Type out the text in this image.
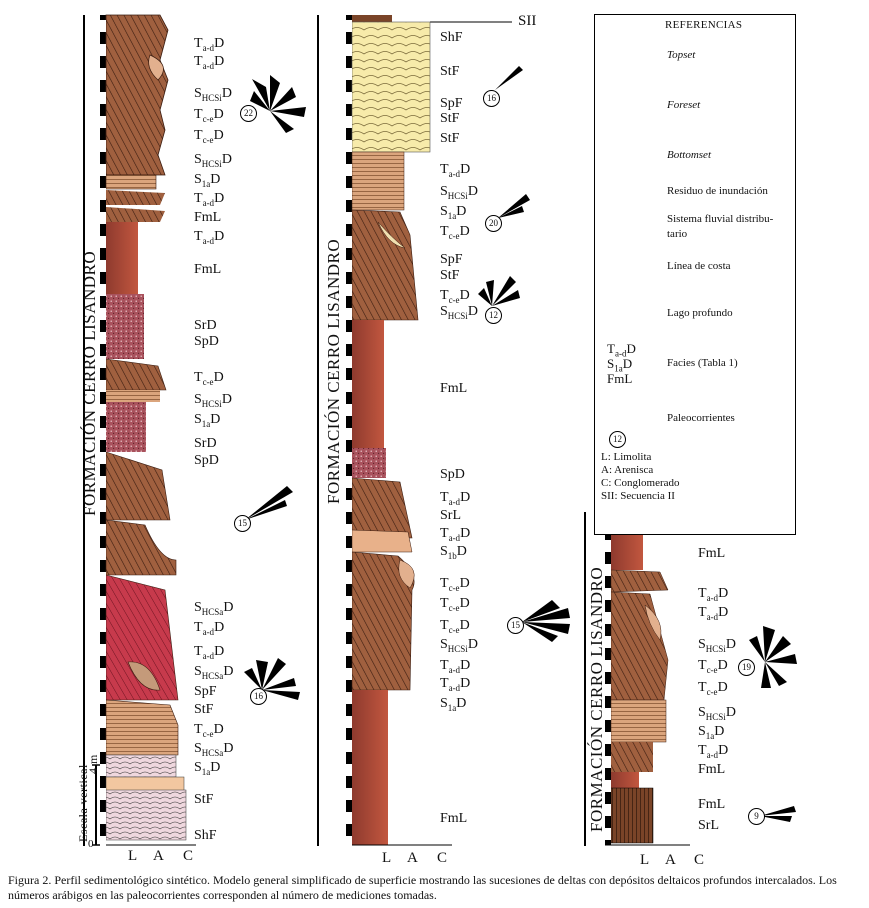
FORMACIÓN CERRO LISANDRO	FORMACIÓN CERRO LISANDRO
FORMACIÓN CERRO LISANDRO
Escala vertical
4 m
0
L A C	L A C	L A C
SII
$T_{a-d}D$
$T_{a-d}D$
$S_{HCSi}D$
$T_{c-e}D$
$T_{c-e}D$
$S_{HCSi}D$
$S_{1a}D$
$T_{a-d}D$
FmL
$T_{a-d}D$
FmL
SrD
SpD
$T_{c-e}D$
$S_{HCSi}D$
$S_{1a}D$
SrD
SpD
$S_{HCSa}D$
$T_{a-d}D$
$T_{a-d}D$
$S_{HCSa}D$
SpF
StF
$T_{c-e}D$
$S_{HCSa}D$
$S_{1a}D$
StF
ShF
ShF
StF
SpF
StF
StF
$T_{a-d}D$
$S_{HCSi}D$
$S_{1a}D$
$T_{c-e}D$
SpF
StF
$T_{c-e}D$
$S_{HCSi}D$
FmL
SpD
$T_{a-d}D$
SrL
$T_{a-d}D$
$S_{1b}D$
$T_{c-e}D$
$T_{c-e}D$
$T_{c-e}D$
$S_{HCSi}D$
$T_{a-d}D$
$T_{a-d}D$
$S_{1a}D$
FmL
FmL
$T_{a-d}D$
$T_{a-d}D$
$S_{HCSi}D$
$T_{c-e}D$
$T_{c-e}D$
$S_{HCSi}D$
$S_{1a}D$
$T_{a-d}D$
FmL
FmL
SrL
22
15
16
16
20
12
15
19
9
REFERENCIAS
Topset
Foreset
Bottomset
Residuo de inundación
Sistema fluvial distribu-
tario
Línea de costa
Lago profundo
Facies (Tabla 1)
Paleocorrientes
$T_{a-d}D$
$S_{1a}D$
FmL
12
L: Limolita
A: Arenisca
C: Conglomerado
SII: Secuencia II
Figura 2. Perfil sedimentológico sintético. Modelo general simplificado de superficie mostrando las sucesiones de deltas con depósitos deltaicos profundos intercalados. Los números arábigos en las paleocorrientes corresponden al número de mediciones tomadas.
